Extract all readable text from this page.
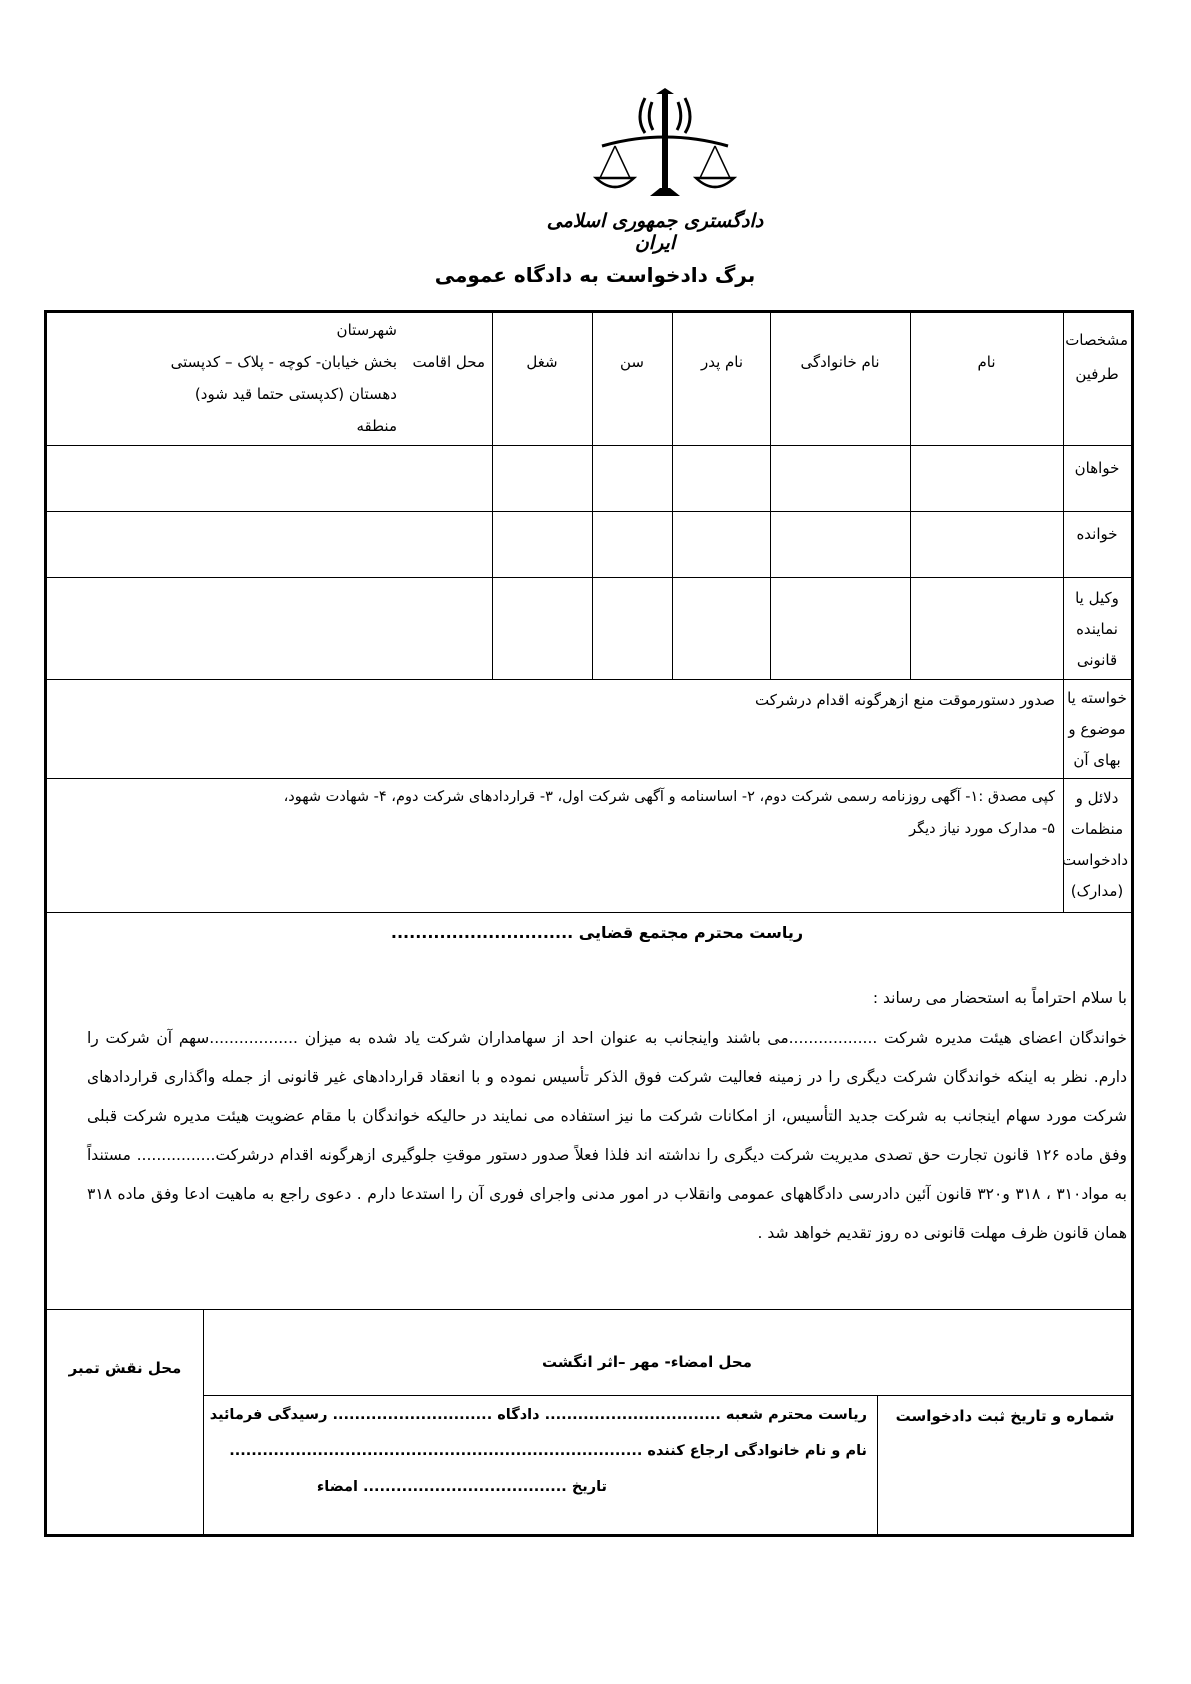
دادگستری جمهوری اسلامی ایران
برگ دادخواست به دادگاه عمومی
مشخصات طرفین
نام
نام خانوادگی
نام پدر
سن
شغل
محل اقامت
شهرستان
بخش خیابان- کوچه - پلاک – کدپستی
دهستان (کدپستی حتما قید شود)
منطقه
خواهان
خوانده
وکیل یا نماینده قانونی
خواسته یا موضوع و بهای آن
صدور دستورموقت منع ازهرگونه اقدام درشرکت
دلائل و منظمات دادخواست (مدارک)
کپی مصدق :۱- آگهی روزنامه رسمی شرکت دوم، ۲- اساسنامه و آگهی شرکت اول، ۳- قراردادهای شرکت دوم، ۴- شهادت شهود،
۵- مدارک مورد نیاز دیگر
ریاست محترم مجتمع قضایی ..............................
با سلام احتراماً به استحضار می رساند :

خواندگان اعضای هیئت مدیره شرکت ..................می باشند واینجانب به عنوان احد از سهامداران شرکت یاد شده به میزان ..................سهم آن شرکت را دارم. نظر به اینکه خواندگان شرکت دیگری را در زمینه فعالیت شرکت فوق الذکر تأسیس نموده و با انعقاد قراردادهای غیر قانونی از جمله واگذاری قراردادهای شرکت مورد سهام اینجانب به شرکت جدید التأسیس، از امکانات شرکت ما نیز استفاده می نمایند در حالیکه خواندگان با مقام عضویت هیئت مدیره شرکت قبلی وفق ماده ۱۲۶ قانون تجارت حق تصدی مدیریت شرکت دیگری را نداشته اند فلذا فعلاً صدور دستور موقتِ جلوگیری ازهرگونه اقدام درشرکت................ مستنداً به مواد۳۱۰ ، ۳۱۸ و۳۲۰ قانون آئین دادرسی دادگاههای عمومی وانقلاب در امور مدنی واجرای فوری آن را استدعا دارم . دعوی راجع به ماهیت ادعا وفق ماده ۳۱۸ همان قانون ظرف مهلت قانونی ده روز تقدیم خواهد شد .

محل نقش تمبر	محل امضاء- مهر –اثر انگشت
شماره و تاریخ ثبت دادخواست
ریاست محترم شعبه ................................ دادگاه ............................. رسیدگی فرمائید
نام و نام خانوادگی ارجاع کننده ...........................................................................
تاریخ ..................................... امضاء
